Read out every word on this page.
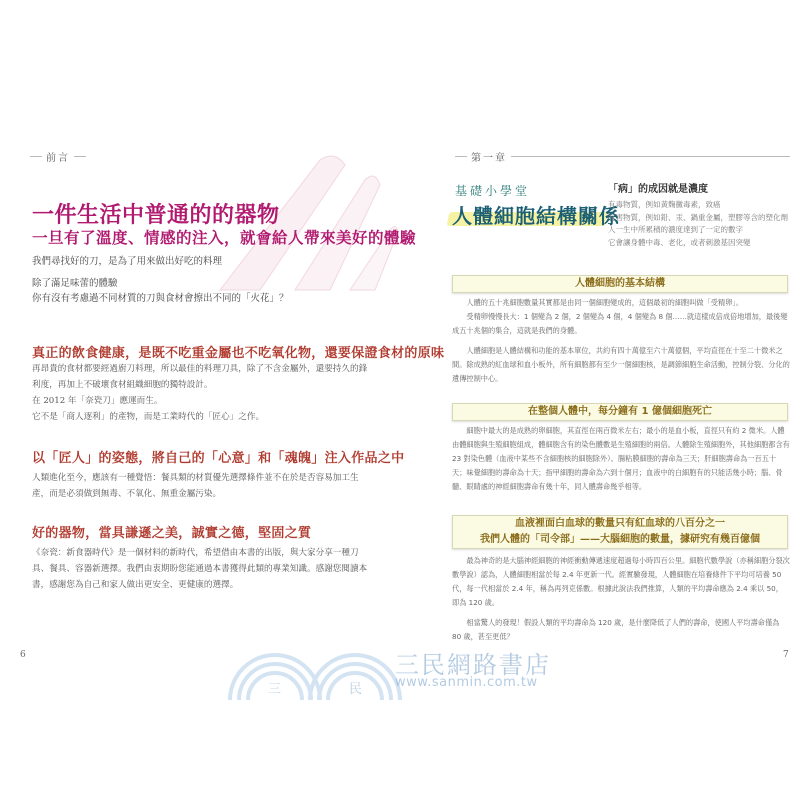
前言
一件生活中普通的的器物
一旦有了溫度、情感的注入，就會給人帶來美好的體驗
我們尋找好的刀，是為了用來做出好吃的料理
除了滿足味蕾的體驗
你有沒有考慮過不同材質的刀與食材會擦出不同的「火花」？
真正的飲食健康，是既不吃重金屬也不吃氧化物，還要保證食材的原味

再昂貴的食材都要經過廚刀料理，所以最佳的料理刀具，除了不含金屬外，還要持久的鋒利度，再加上不破壞食材組織細胞的獨特設計。

在 2012 年「奈瓷刀」應運而生。

它不是「商人逐利」的產物，而是工業時代的「匠心」之作。

以「匠人」的姿態，將自己的「心意」和「魂魄」注入作品之中

人類進化至今，應該有一種覺悟：餐具類的材質優先選擇條件並不在於是否容易加工生產，而是必須做到無毒、不氧化、無重金屬污染。

好的器物，當具謙遜之美，誠實之德，堅固之質

《奈瓷：新食器時代》是一個材料的新時代，希望借由本書的出版，與大家分享一種刀具、餐具、容器新選擇。我們由衷期盼您能通過本書獲得此類的專業知識。感謝您閱讀本書，感謝您為自己和家人做出更安全、更健康的選擇。

6
第一章
基礎小學堂
人體細胞結構關係
「病」的成因就是濃度
有毒物質，例如黃麴黴毒素，致癌
有害物質，例如鉛、汞、鍋重金屬，塑膠等含的塑化劑
人一生中所累積的濃度達到了一定的數字
它會讓身體中毒、老化，或者刺激基因突變
人體細胞的基本結構

人體的五十兆細胞數量其實都是由同一個細胞變成的，這個最初的細胞叫做「受精卵」。

受精卵慢慢長大：1 個變為 2 個，2 個變為 4 個，4 個變為 8 個……就這樣成倍成倍地增加，最後變成五十兆個的集合，這就是我們的身體。

人體細胞是人體結構和功能的基本單位，共約有四十萬億至六十萬億個，平均直徑在十至二十微米之間。除成熟的紅血球和血小板外，所有細胞都有至少一個細胞核，是調節細胞生命活動，控制分裂、分化的遺傳控制中心。

在整個人體中，每分鐘有 1 億個細胞死亡

細胞中最大的是成熟的卵細胞，其直徑在兩百微米左右；最小的是血小板，直徑只有約 2 微米。人體由體細胞與生殖細胞組成，體細胞含有的染色體數是生殖細胞的兩倍。人體除生殖細胞外，其他細胞都含有 23 對染色體（血液中某些不含細胞核的細胞除外）。腸粘膜細胞的壽命為三天；肝細胞壽命為一百五十天；味覺細胞的壽命為十天；指甲細胞的壽命為六到十個月；血液中的白細胞有的只能活幾小時；腦、骨髓、眼睛處的神經細胞壽命有幾十年，同人體壽命幾乎相等。

血液裡面白血球的數量只有紅血球的八百分之一
我們人體的「司令部」——大腦細胞的數量，據研究有幾百億個

最為神奇的是大腦神經細胞的神經衝動傳遞速度超過每小時四百公里。細胞代數學說（亦稱細胞分裂次數學說）認為，人體細胞相當於每 2.4 年更新一代。經實驗發現，人體細胞在培養條件下平均可培養 50 代，每一代相當於 2.4 年，稱為再列克係數。根據此說法我們推算，人類的平均壽命應為 2.4 乘以 50，即為 120 歲。

相當驚人的發現！假設人類的平均壽命為 120 歲，是什麼降低了人們的壽命，使國人平均壽命僅為 80 歲，甚至更低？

7
三	民
三民網路書店
www.sanmin.com.tw
